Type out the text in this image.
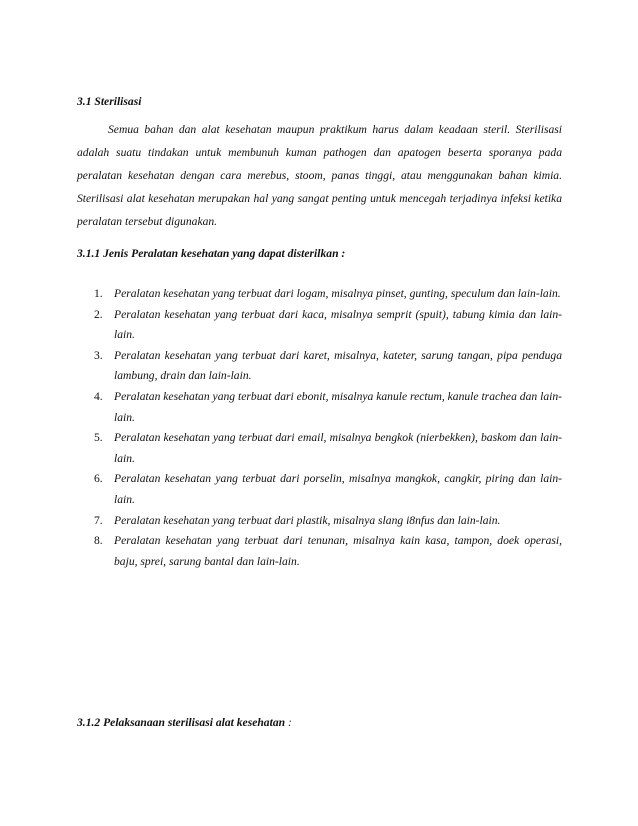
3.1 Sterilisasi

Semua bahan dan alat kesehatan maupun praktikum harus dalam keadaan steril. Sterilisasi adalah suatu tindakan untuk membunuh kuman pathogen dan apatogen beserta sporanya pada peralatan kesehatan dengan cara merebus, stoom, panas tinggi, atau menggunakan bahan kimia. Sterilisasi alat kesehatan merupakan hal yang sangat penting untuk mencegah terjadinya infeksi ketika peralatan tersebut digunakan.

3.1.1 Jenis Peralatan kesehatan yang dapat disterilkan :
1. Peralatan kesehatan yang terbuat dari logam, misalnya pinset, gunting, speculum dan lain-lain.
2. Peralatan kesehatan yang terbuat dari kaca, misalnya semprit (spuit), tabung kimia dan lain-lain.
3. Peralatan kesehatan yang terbuat dari karet, misalnya, kateter, sarung tangan, pipa penduga lambung, drain dan lain-lain.
4. Peralatan kesehatan yang terbuat dari ebonit, misalnya kanule rectum, kanule trachea dan lain-lain.
5. Peralatan kesehatan yang terbuat dari email, misalnya bengkok (nierbekken), baskom dan lain-lain.
6. Peralatan kesehatan yang terbuat dari porselin, misalnya mangkok, cangkir, piring dan lain-lain.
7. Peralatan kesehatan yang terbuat dari plastik, misalnya slang i8nfus dan lain-lain.
8. Peralatan kesehatan yang terbuat dari tenunan, misalnya kain kasa, tampon, doek operasi, baju, sprei, sarung bantal dan lain-lain.
3.1.2 Pelaksanaan sterilisasi alat kesehatan :
